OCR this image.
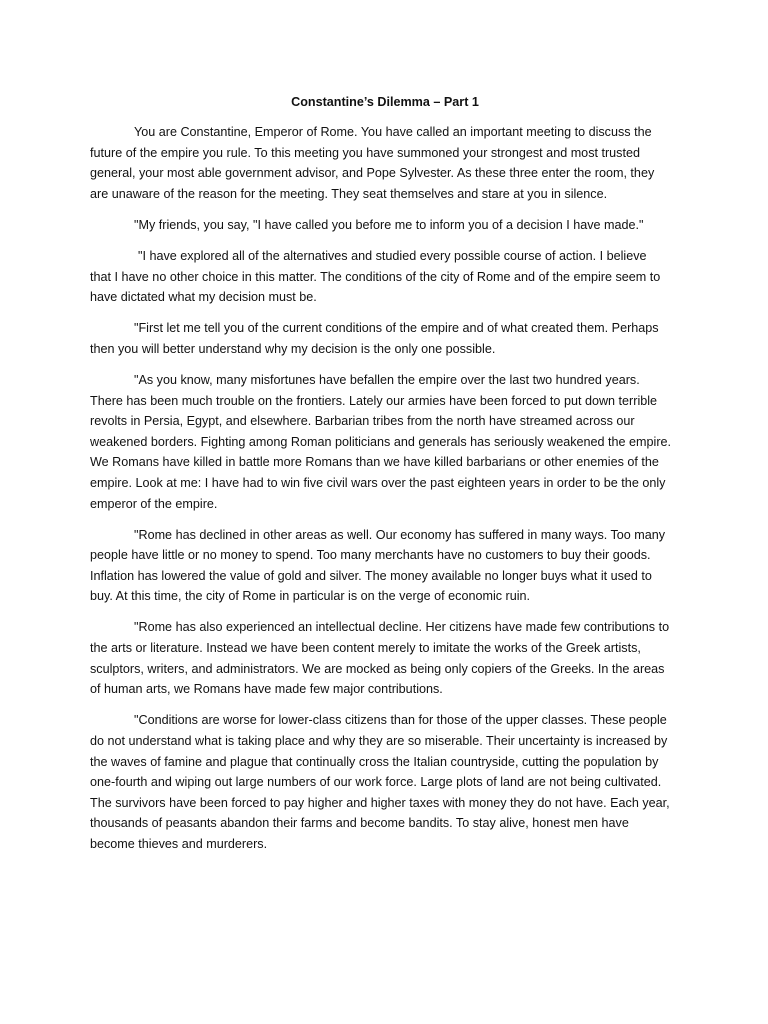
Constantine’s Dilemma – Part 1
You are Constantine, Emperor of Rome. You have called an important meeting to discuss the
future of the empire you rule. To this meeting you have summoned your strongest and most trusted
general, your most able government advisor, and Pope Sylvester. As these three enter the room, they
are unaware of the reason for the meeting. They seat themselves and stare at you in silence.
"My friends, you say, "I have called you before me to inform you of a decision I have made."
"I have explored all of the alternatives and studied every possible course of action. I believe
that I have no other choice in this matter. The conditions of the city of Rome and of the empire seem to
have dictated what my decision must be.
"First let me tell you of the current conditions of the empire and of what created them. Perhaps
then you will better understand why my decision is the only one possible.
"As you know, many misfortunes have befallen the empire over the last two hundred years.
There has been much trouble on the frontiers. Lately our armies have been forced to put down terrible
revolts in Persia, Egypt, and elsewhere. Barbarian tribes from the north have streamed across our
weakened borders. Fighting among Roman politicians and generals has seriously weakened the empire.
We Romans have killed in battle more Romans than we have killed barbarians or other enemies of the
empire. Look at me: I have had to win five civil wars over the past eighteen years in order to be the only
emperor of the empire.
"Rome has declined in other areas as well. Our economy has suffered in many ways. Too many
people have little or no money to spend. Too many merchants have no customers to buy their goods.
Inflation has lowered the value of gold and silver. The money available no longer buys what it used to
buy. At this time, the city of Rome in particular is on the verge of economic ruin.
"Rome has also experienced an intellectual decline. Her citizens have made few contributions to
the arts or literature. Instead we have been content merely to imitate the works of the Greek artists,
sculptors, writers, and administrators. We are mocked as being only copiers of the Greeks. In the areas
of human arts, we Romans have made few major contributions.
"Conditions are worse for lower-class citizens than for those of the upper classes. These people
do not understand what is taking place and why they are so miserable. Their uncertainty is increased by
the waves of famine and plague that continually cross the Italian countryside, cutting the population by
one-fourth and wiping out large numbers of our work force. Large plots of land are not being cultivated.
The survivors have been forced to pay higher and higher taxes with money they do not have. Each year,
thousands of peasants abandon their farms and become bandits. To stay alive, honest men have
become thieves and murderers.
